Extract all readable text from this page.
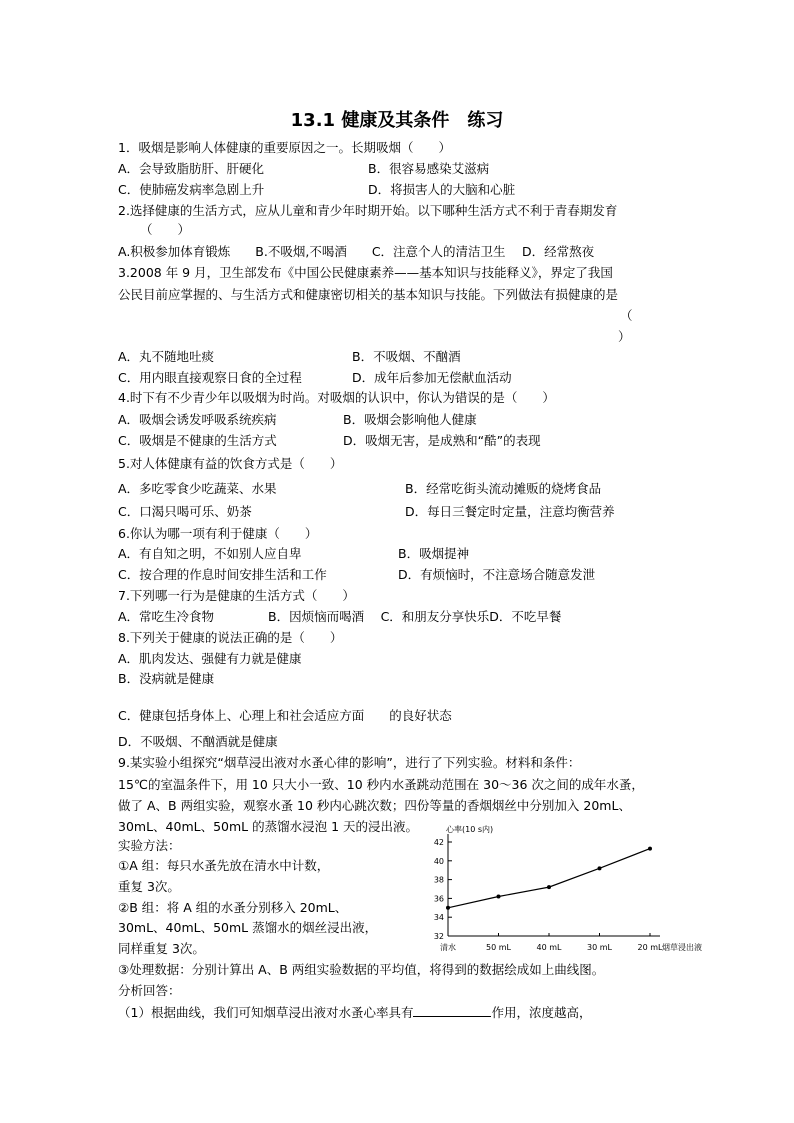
13.1 健康及其条件　练习
1．吸烟是影响人体健康的重要原因之一。长期吸烟（　　）
A．会导致脂肪肝、肝硬化	B．很容易感染艾滋病
C．使肺癌发病率急剧上升	D．将损害人的大脑和心脏
2.选择健康的生活方式，应从儿童和青少年时期开始。以下哪种生活方式不利于青春期发育
（　　）
A.积极参加体育锻炼　　B.不吸烟,不喝酒　　C．注意个人的清洁卫生　 D．经常熬夜
3.2008 年 9 月，卫生部发布《中国公民健康素养——基本知识与技能释义》，界定了我国
公民目前应掌握的、与生活方式和健康密切相关的基本知识与技能。下列做法有损健康的是
（
）
A．丸不随地吐痰	B．不吸烟、不酗酒
C．用内眼直接观察日食的全过程	D．成年后参加无偿献血活动
4.时下有不少青少年以吸烟为时尚。对吸烟的认识中，你认为错误的是（　　）
A．吸烟会诱发呼吸系统疾病	B．吸烟会影响他人健康
C．吸烟是不健康的生活方式	D．吸烟无害，是成熟和“酷”的表现
5.对人体健康有益的饮食方式是（　　）
A．多吃零食少吃蔬菜、水果	B．经常吃街头流动摊贩的烧烤食品
C．口渴只喝可乐、奶茶	D．每日三餐定时定量，注意均衡营养
6.你认为哪一项有利于健康（　　）
A．有自知之明，不如别人应自卑	B．吸烟提神
C．按合理的作息时间安排生活和工作	D．有烦恼时，不注意场合随意发泄
7.下列哪一行为是健康的生活方式（　　）
A．常吃生冷食物　　　　 B．因烦恼而喝酒　 C．和朋友分享快乐D．不吃早餐
8.下列关于健康的说法正确的是（　　）
A．肌肉发达、强健有力就是健康
B．没病就是健康
C．健康包括身体上、心理上和社会适应方面　　的良好状态
D．不吸烟、不酗酒就是健康
9.某实验小组探究“烟草浸出液对水蚤心律的影响”，进行了下列实验。材料和条件：
15℃的室温条件下，用 10 只大小一致、10 秒内水蚤跳动范围在 30～36 次之间的成年水蚤，
做了 A、B 两组实验，观察水蚤 10 秒内心跳次数；四份等量的香烟烟丝中分别加入 20mL、
30mL、40mL、50mL 的蒸馏水浸泡 1 天的浸出液。
实验方法：
①A 组：每只水蚤先放在清水中计数，
重复 3次。
②B 组：将 A 组的水蚤分别移入 20mL、
30mL、40mL、50mL 蒸馏水的烟丝浸出液，
同样重复 3次。
③处理数据：分别计算出 A、B 两组实验数据的平均值，将得到的数据绘成如上曲线图。
分析回答：
（1）根据曲线，我们可知烟草浸出液对水蚤心率具有	作用，浓度越高，
32
34
36
38
40
42
清水	50 mL	40 mL	30 mL	20 mL
心率(10 s内)
烟草浸出液
